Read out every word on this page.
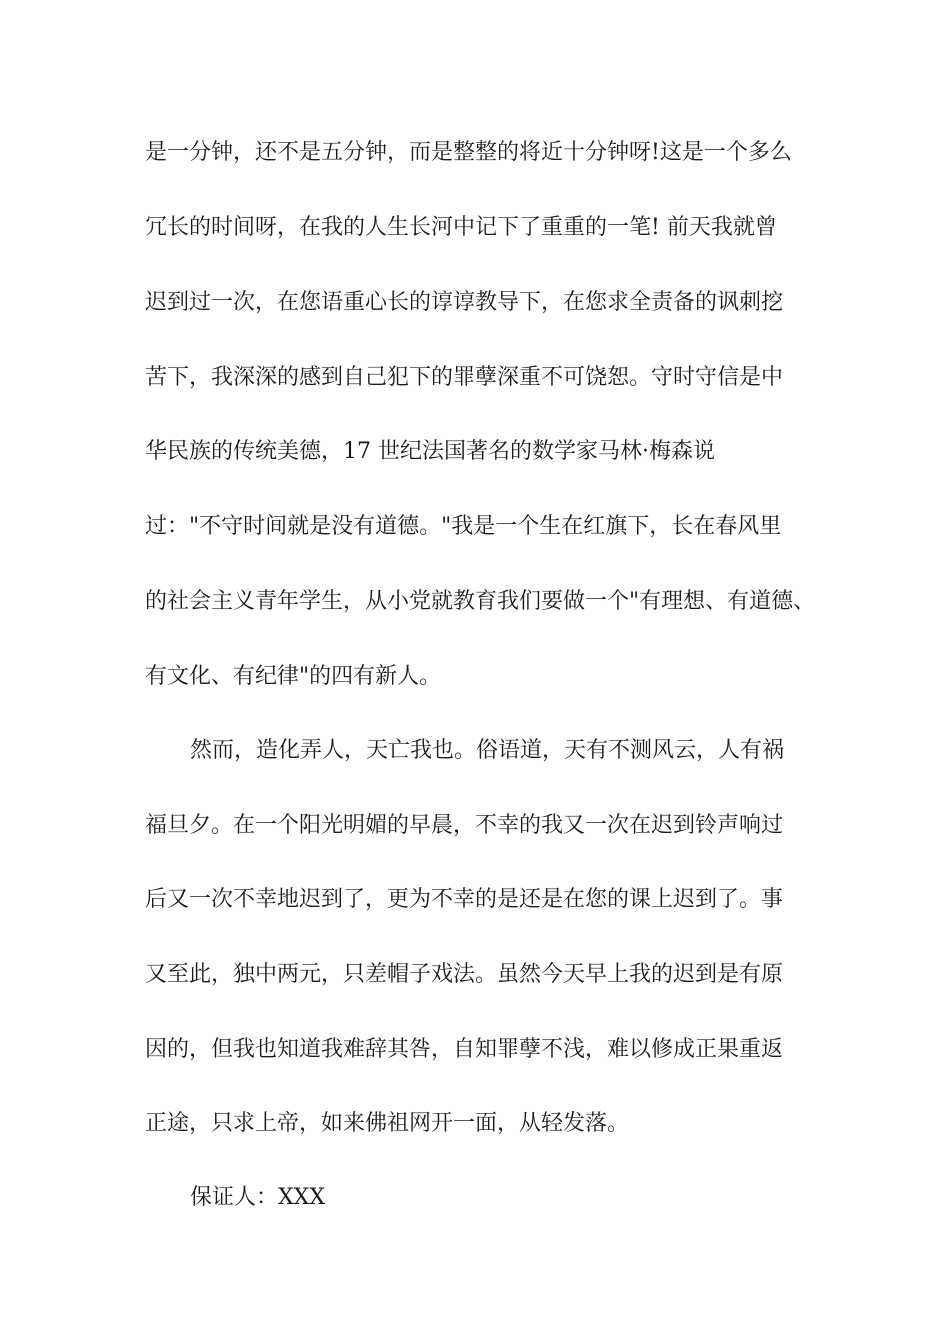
是一分钟，还不是五分钟，而是整整的将近十分钟呀!这是一个多么
冗长的时间呀，在我的人生长河中记下了重重的一笔! 前天我就曾
迟到过一次，在您语重心长的谆谆教导下，在您求全责备的讽刺挖
苦下，我深深的感到自己犯下的罪孽深重不可饶恕。守时守信是中
华民族的传统美德，17 世纪法国著名的数学家马林·梅森说
过："不守时间就是没有道德。"我是一个生在红旗下，长在春风里
的社会主义青年学生，从小党就教育我们要做一个"有理想、有道德、
有文化、有纪律"的四有新人。
然而，造化弄人，天亡我也。俗语道，天有不测风云，人有祸
福旦夕。在一个阳光明媚的早晨，不幸的我又一次在迟到铃声响过
后又一次不幸地迟到了，更为不幸的是还是在您的课上迟到了。事
又至此，独中两元，只差帽子戏法。虽然今天早上我的迟到是有原
因的，但我也知道我难辞其咎，自知罪孽不浅，难以修成正果重返
正途，只求上帝，如来佛祖网开一面，从轻发落。
保证人：XXX
